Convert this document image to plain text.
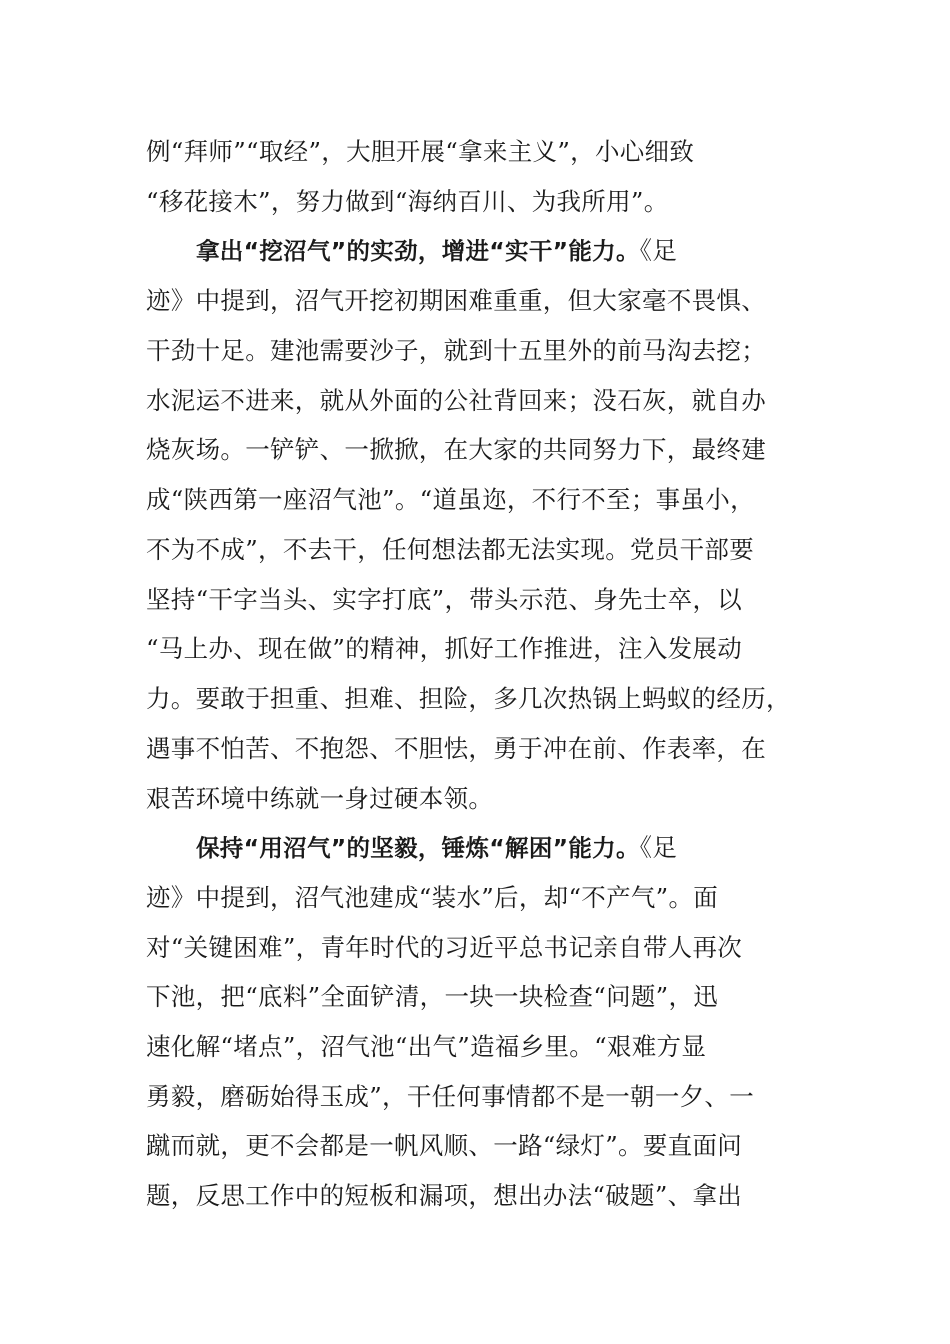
例“拜师”“取经”，大胆开展“拿来主义”，小心细致
“移花接木”，努力做到“海纳百川、为我所用”。
拿出“挖沼气”的实劲，增进“实干”能力。《足
迹》中提到，沼气开挖初期困难重重，但大家毫不畏惧、
干劲十足。建池需要沙子，就到十五里外的前马沟去挖；
水泥运不进来，就从外面的公社背回来；没石灰，就自办
烧灰场。一铲铲、一掀掀，在大家的共同努力下，最终建
成“陕西第一座沼气池”。“道虽迩，不行不至；事虽小，
不为不成”，不去干，任何想法都无法实现。党员干部要
坚持“干字当头、实字打底”，带头示范、身先士卒，以
“马上办、现在做”的精神，抓好工作推进，注入发展动
力。要敢于担重、担难、担险，多几次热锅上蚂蚁的经历，
遇事不怕苦、不抱怨、不胆怯，勇于冲在前、作表率，在
艰苦环境中练就一身过硬本领。
保持“用沼气”的坚毅，锤炼“解困”能力。《足
迹》中提到，沼气池建成“装水”后，却“不产气”。面
对“关键困难”，青年时代的习近平总书记亲自带人再次
下池，把“底料”全面铲清，一块一块检查“问题”，迅
速化解“堵点”，沼气池“出气”造福乡里。“艰难方显
勇毅，磨砺始得玉成”，干任何事情都不是一朝一夕、一
蹴而就，更不会都是一帆风顺、一路“绿灯”。要直面问
题，反思工作中的短板和漏项，想出办法“破题”、拿出
